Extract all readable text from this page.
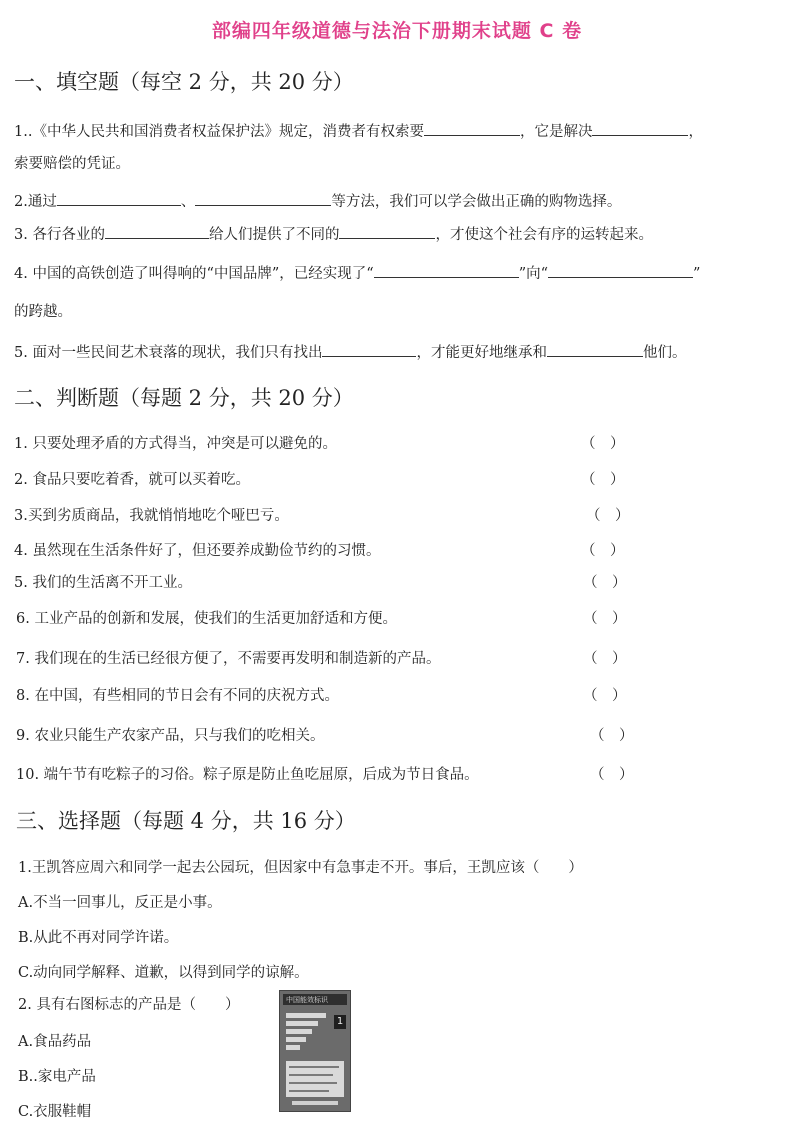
部编四年级道德与法治下册期末试题 C 卷
一、填空题（每空 2 分，共 20 分）
1..《中华人民共和国消费者权益保护法》规定，消费者有权索要	，它是解决	，
索要赔偿的凭证。
2.通过	、	等方法，我们可以学会做出正确的购物选择。
3. 各行各业的	给人们提供了不同的	，才使这个社会有序的运转起来。
4. 中国的高铁创造了叫得响的“中国品牌”，已经实现了“	”向“	”
的跨越。
5. 面对一些民间艺术衰落的现状，我们只有找出	，才能更好地继承和	他们。
二、判断题（每题 2 分，共 20 分）
1. 只要处理矛盾的方式得当，冲突是可以避免的。	（　）
2. 食品只要吃着香，就可以买着吃。	（　）
3.买到劣质商品，我就悄悄地吃个哑巴亏。	（　）
4. 虽然现在生活条件好了，但还要养成勤俭节约的习惯。	（　）
5. 我们的生活离不开工业。	（　）
6. 工业产品的创新和发展，使我们的生活更加舒适和方便。	（　）
7. 我们现在的生活已经很方便了，不需要再发明和制造新的产品。	（　）
8. 在中国，有些相同的节日会有不同的庆祝方式。	（　）
9. 农业只能生产农家产品，只与我们的吃相关。	（　）
10. 端午节有吃粽子的习俗。粽子原是防止鱼吃屈原，后成为节日食品。	（　）
三、选择题（每题 4 分，共 16 分）
1.王凯答应周六和同学一起去公园玩，但因家中有急事走不开。事后，王凯应该（　　）
A.不当一回事儿，反正是小事。
B.从此不再对同学许诺。
C.动向同学解释、道歉，以得到同学的谅解。
2. 具有右图标志的产品是（　　）
A.食品药品
B..家电产品
C.衣服鞋帽
中国能效标识
1
